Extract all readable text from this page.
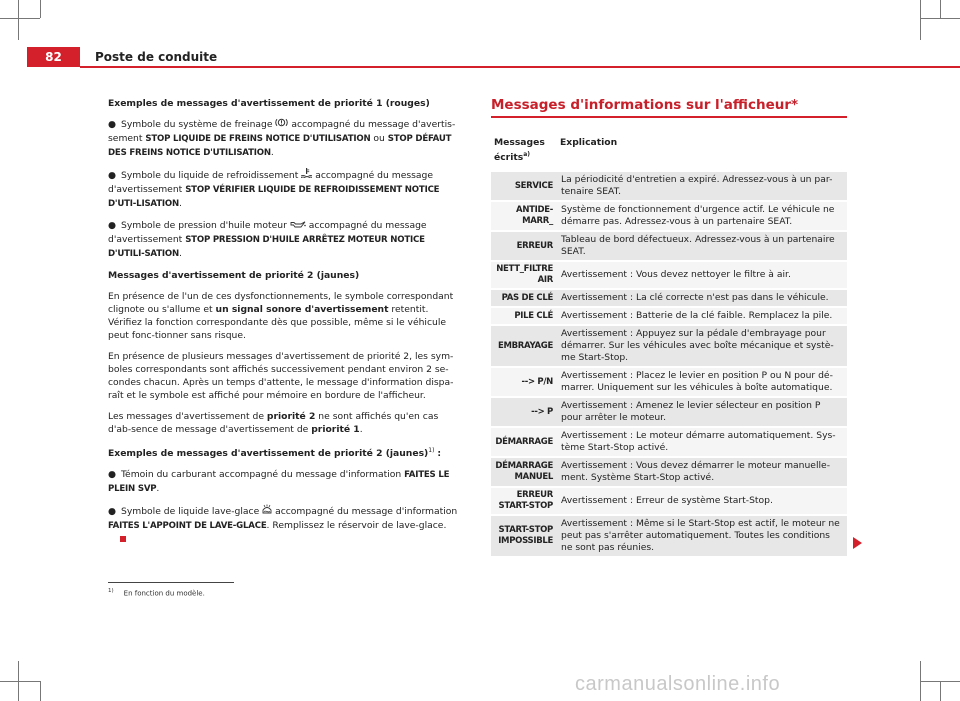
82	Poste de conduite

Exemples de messages d'avertissement de priorité 1 (rouges)

● Symbole du système de freinage accompagné du message d'avertis-sement STOP LIQUIDE DE FREINS NOTICE D'UTILISATION ou STOP DÉFAUT DES FREINS NOTICE D'UTILISATION.

● Symbole du liquide de refroidissement accompagné du message d'avertissement STOP VÉRIFIER LIQUIDE DE REFROIDISSEMENT NOTICE D'UTI-LISATION.

● Symbole de pression d'huile moteur accompagné du message d'avertissement STOP PRESSION D'HUILE ARRÊTEZ MOTEUR NOTICE D'UTILI-SATION.

Messages d'avertissement de priorité 2 (jaunes)

En présence de l'un de ces dysfonctionnements, le symbole correspondant clignote ou s'allume et un signal sonore d'avertissement retentit. Vérifiez la fonction correspondante dès que possible, même si le véhicule peut fonc-tionner sans risque.

En présence de plusieurs messages d'avertissement de priorité 2, les sym-boles correspondants sont affichés successivement pendant environ 2 se-condes chacun. Après un temps d'attente, le message d'information dispa-raît et le symbole est affiché pour mémoire en bordure de l'afficheur.

Les messages d'avertissement de priorité 2 ne sont affichés qu'en cas d'ab-sence de message d'avertissement de priorité 1.

Exemples de messages d'avertissement de priorité 2 (jaunes)$^{1)}$ :

● Témoin du carburant accompagné du message d'information FAITES LE PLEIN SVP.

● Symbole de liquide lave-glace accompagné du message d'information FAITES L'APPOINT DE LAVE-GLACE. Remplissez le réservoir de lave-glace.

Messages d'informations sur l'afficheur*
Messages écrits$^{a)}$	Explication
SERVICE	La périodicité d'entretien a expiré. Adressez-vous à un par-tenaire SEAT.
ANTIDE-MARR_	Système de fonctionnement d'urgence actif. Le véhicule ne démarre pas. Adressez-vous à un partenaire SEAT.
ERREUR	Tableau de bord défectueux. Adressez-vous à un partenaire SEAT.
NETT_FILTRE AIR	Avertissement : Vous devez nettoyer le filtre à air.
PAS DE CLÉ	Avertissement : La clé correcte n'est pas dans le véhicule.
PILE CLÉ	Avertissement : Batterie de la clé faible. Remplacez la pile.
EMBRAYAGE	Avertissement : Appuyez sur la pédale d'embrayage pour démarrer. Sur les véhicules avec boîte mécanique et systè-me Start-Stop.
--> P/N	Avertissement : Placez le levier en position P ou N pour dé-marrer. Uniquement sur les véhicules à boîte automatique.
--> P	Avertissement : Amenez le levier sélecteur en position P pour arrêter le moteur.
DÉMARRAGE	Avertissement : Le moteur démarre automatiquement. Sys-tème Start-Stop activé.
DÉMARRAGE MANUEL	Avertissement : Vous devez démarrer le moteur manuelle-ment. Système Start-Stop activé.
ERREUR START-STOP	Avertissement : Erreur de système Start-Stop.
START-STOP IMPOSSIBLE	Avertissement : Même si le Start-Stop est actif, le moteur ne peut pas s'arrêter automatiquement. Toutes les conditions ne sont pas réunies.
$^{1)}$ En fonction du modèle.
carmanualsonline.info
